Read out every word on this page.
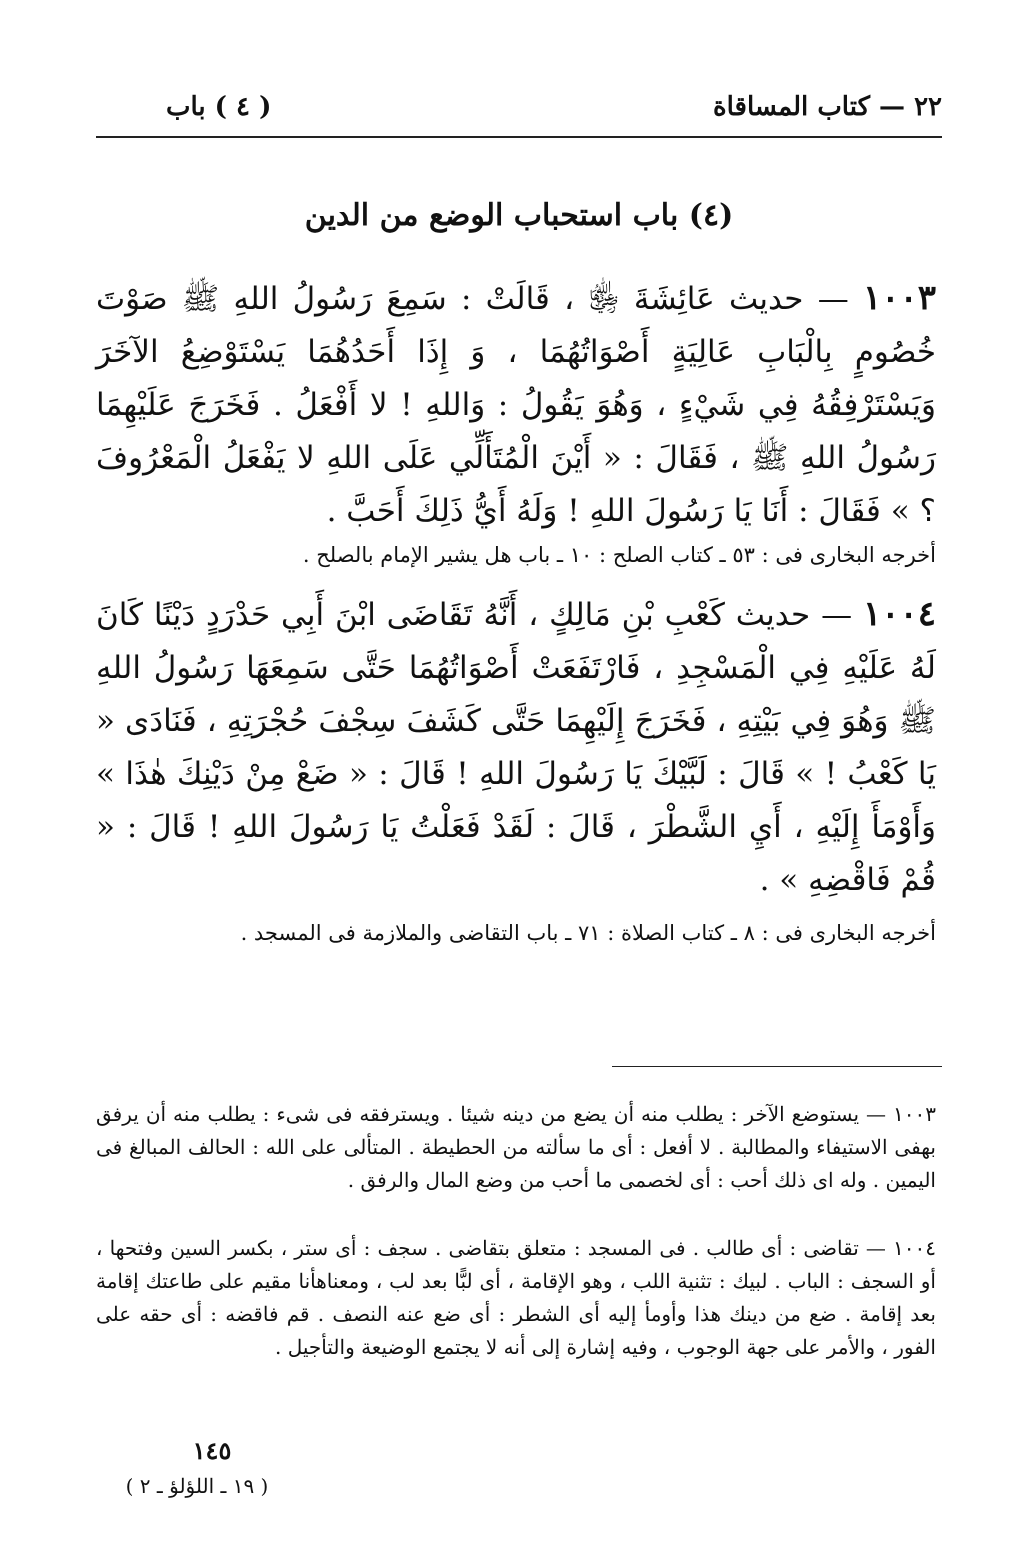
٢٢ — كتاب المساقاة
( ٤ ) باب
(٤) باب استحباب الوضع من الدين
١٠٠٣ — حديث عَائِشَةَ ﵂ ، قَالَتْ : سَمِعَ رَسُولُ اللهِ ﷺ صَوْتَ خُصُومٍ بِالْبَابِ عَالِيَةٍ أَصْوَاتُهُمَا ، وَ إِذَا أَحَدُهُمَا يَسْتَوْضِعُ الآخَرَ وَيَسْتَرْفِقُهُ فِي شَيْءٍ ، وَهُوَ يَقُولُ : وَاللهِ ! لا أَفْعَلُ . فَخَرَجَ عَلَيْهِمَا رَسُولُ اللهِ ﷺ ، فَقَالَ : « أَيْنَ الْمُتَأَلِّي عَلَى اللهِ لا يَفْعَلُ الْمَعْرُوفَ ؟ » فَقَالَ : أَنَا يَا رَسُولَ اللهِ ! وَلَهُ أَيُّ ذَلِكَ أَحَبَّ .
أخرجه البخارى فى : ٥٣ ـ كتاب الصلح : ١٠ ـ باب هل يشير الإمام بالصلح .
١٠٠٤ — حديث كَعْبِ بْنِ مَالِكٍ ، أَنَّهُ تَقَاضَى ابْنَ أَبِي حَدْرَدٍ دَيْنًا كَانَ لَهُ عَلَيْهِ فِي الْمَسْجِدِ ، فَارْتَفَعَتْ أَصْوَاتُهُمَا حَتَّى سَمِعَهَا رَسُولُ اللهِ ﷺ وَهُوَ فِي بَيْتِهِ ، فَخَرَجَ إِلَيْهِمَا حَتَّى كَشَفَ سِجْفَ حُجْرَتِهِ ، فَنَادَى « يَا كَعْبُ ! » قَالَ : لَبَّيْكَ يَا رَسُولَ اللهِ ! قَالَ : « ضَعْ مِنْ دَيْنِكَ هٰذَا » وَأَوْمَأَ إِلَيْهِ ، أَيِ الشَّطْرَ ، قَالَ : لَقَدْ فَعَلْتُ يَا رَسُولَ اللهِ ! قَالَ : « قُمْ فَاقْضِهِ » .
أخرجه البخارى فى : ٨ ـ كتاب الصلاة : ٧١ ـ باب التقاضى والملازمة فى المسجد .
١٠٠٣ — يستوضع الآخر : يطلب منه أن يضع من دينه شيئا . ويسترفقه فى شىء : يطلب منه أن يرفق بهفى الاستيفاء والمطالبة . لا أفعل : أى ما سألته من الحطيطة . المتألى على الله : الحالف المبالغ فى اليمين . وله اى ذلك أحب : أى لخصمى ما أحب من وضع المال والرفق .
١٠٠٤ — تقاضى : أى طالب . فى المسجد : متعلق بتقاضى . سجف : أى ستر ، بكسر السين وفتحها ، أو السجف : الباب . لبيك : تثنية اللب ، وهو الإقامة ، أى لبًّا بعد لب ، ومعناهأنا مقيم على طاعتك إقامة بعد إقامة . ضع من دينك هذا وأومأ إليه أى الشطر : أى ضع عنه النصف . قم فاقضه : أى حقه على الفور ، والأمر على جهة الوجوب ، وفيه إشارة إلى أنه لا يجتمع الوضيعة والتأجيل .
١٤٥
( ١٩ ـ اللؤلؤ ـ ٢ )
